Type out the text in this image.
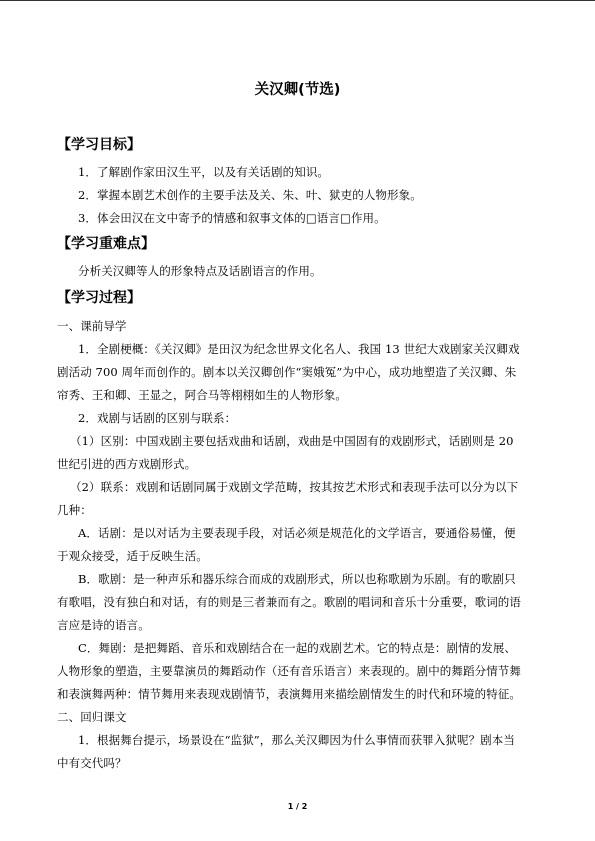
关汉卿(节选)
【学习目标】
1．了解剧作家田汉生平，以及有关话剧的知识。
2．掌握本剧艺术创作的主要手法及关、朱、叶、狱吏的人物形象。
3．体会田汉在文中寄予的情感和叙事文体的□语言□作用。
【学习重难点】
分析关汉卿等人的形象特点及话剧语言的作用。
【学习过程】
一、课前导学
1．全剧梗概：《关汉卿》是田汉为纪念世界文化名人、我国 13 世纪大戏剧家关汉卿戏
剧活动 700 周年而创作的。剧本以关汉卿创作“窦娥冤”为中心，成功地塑造了关汉卿、朱
帘秀、王和卿、王显之，阿合马等栩栩如生的人物形象。
2．戏剧与话剧的区别与联系：
（1）区别：中国戏剧主要包括戏曲和话剧，戏曲是中国固有的戏剧形式，话剧则是 20
世纪引进的西方戏剧形式。
（2）联系：戏剧和话剧同属于戏剧文学范畴，按其按艺术形式和表现手法可以分为以下
几种：
A．话剧：是以对话为主要表现手段，对话必须是规范化的文学语言，要通俗易懂，便
于观众接受，适于反映生活。
B．歌剧：是一种声乐和器乐综合而成的戏剧形式，所以也称歌剧为乐剧。有的歌剧只
有歌唱，没有独白和对话，有的则是三者兼而有之。歌剧的唱词和音乐十分重要，歌词的语
言应是诗的语言。
C．舞剧：是把舞蹈、音乐和戏剧结合在一起的戏剧艺术。它的特点是：剧情的发展、
人物形象的塑造，主要靠演员的舞蹈动作（还有音乐语言）来表现的。剧中的舞蹈分情节舞
和表演舞两种：情节舞用来表现戏剧情节，表演舞用来描绘剧情发生的时代和环境的特征。
二、回归课文
1．根据舞台提示，场景设在“监狱”，那么关汉卿因为什么事情而获罪入狱呢？剧本当
中有交代吗？
1 / 2
